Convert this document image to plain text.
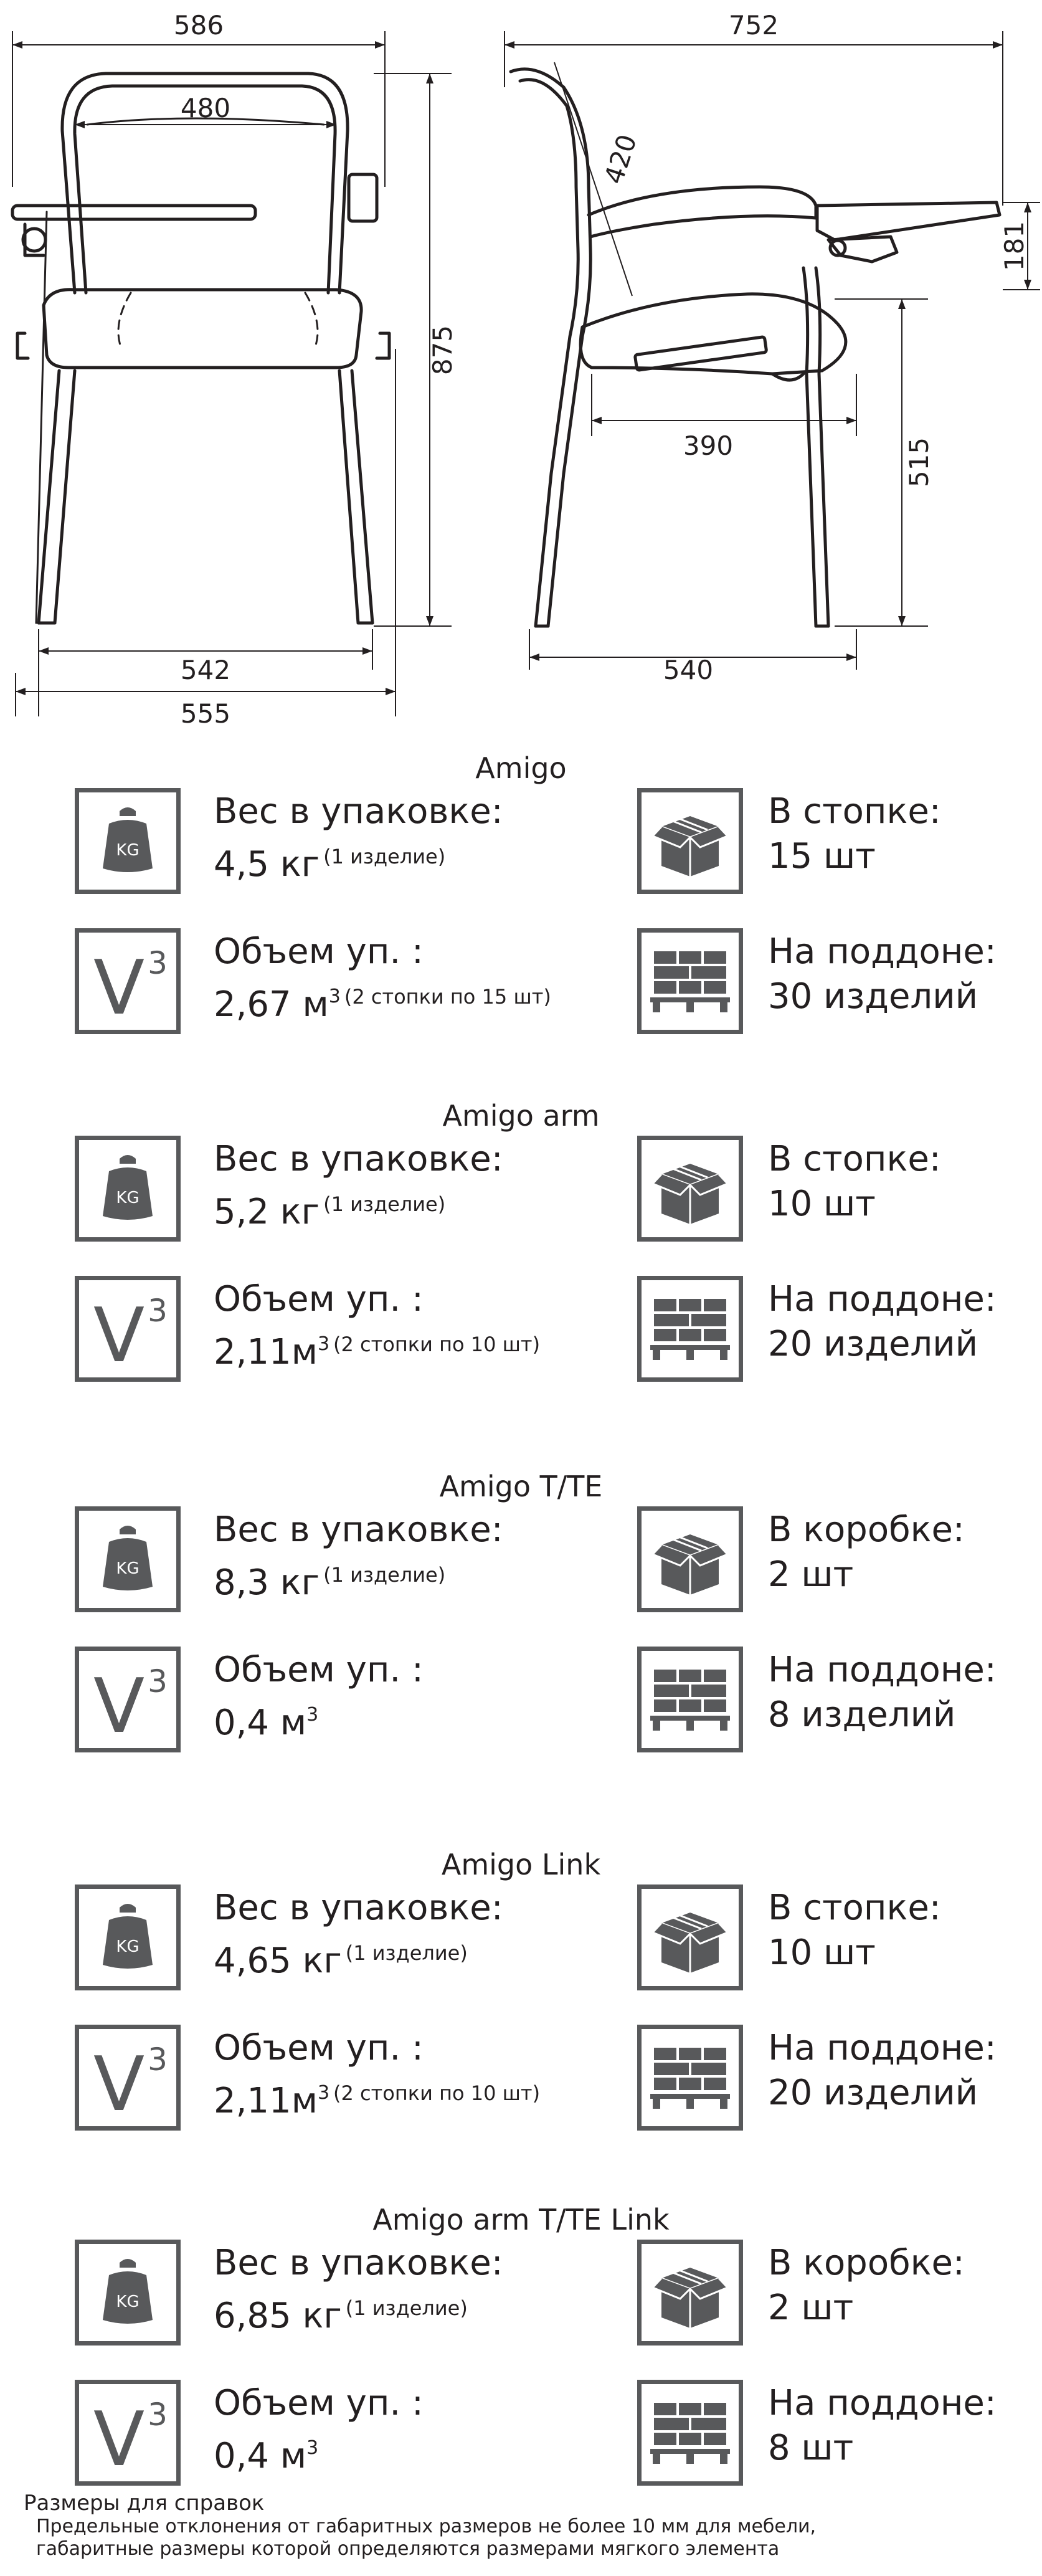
586
480
875
542
555
752
420
181
390	515
540
Amigo
KG
Вес в упаковке:
4,5 кг $^{(1 изделие)}$
В стопке:
15 шт
V 3 Объем уп. :
2,67 $м^3$ $^{(2 стопки по 15 шт)}$
На поддоне:
30 изделий
Amigo arm
KG
Вес в упаковке:
5,2 кг $^{(1 изделие)}$
В стопке:
10 шт
V 3 Объем уп. :
$2,11м^3$ $^{(2 стопки по 10 шт)}$
На поддоне:
20 изделий
Amigo T/TE
KG
Вес в упаковке:
8,3 кг $^{(1 изделие)}$
В коробке:
2 шт
V 3 Объем уп. :
0,4 $м^3$
На поддоне:
8 изделий
Amigo Link
KG
Вес в упаковке:
4,65 кг $^{(1 изделие)}$
В стопке:
10 шт
V 3 Объем уп. :
$2,11м^3$ $^{(2 стопки по 10 шт)}$
На поддоне:
20 изделий
Amigo arm T/TE Link
KG
Вес в упаковке:
6,85 кг $^{(1 изделие)}$
В коробке:
2 шт
V 3 Объем уп. :
0,4 $м^3$
На поддоне:
8 шт
Размеры для справок
Предельные отклонения от габаритных размеров не более 10 мм для мебели,
габаритные размеры которой определяются размерами мягкого элемента
